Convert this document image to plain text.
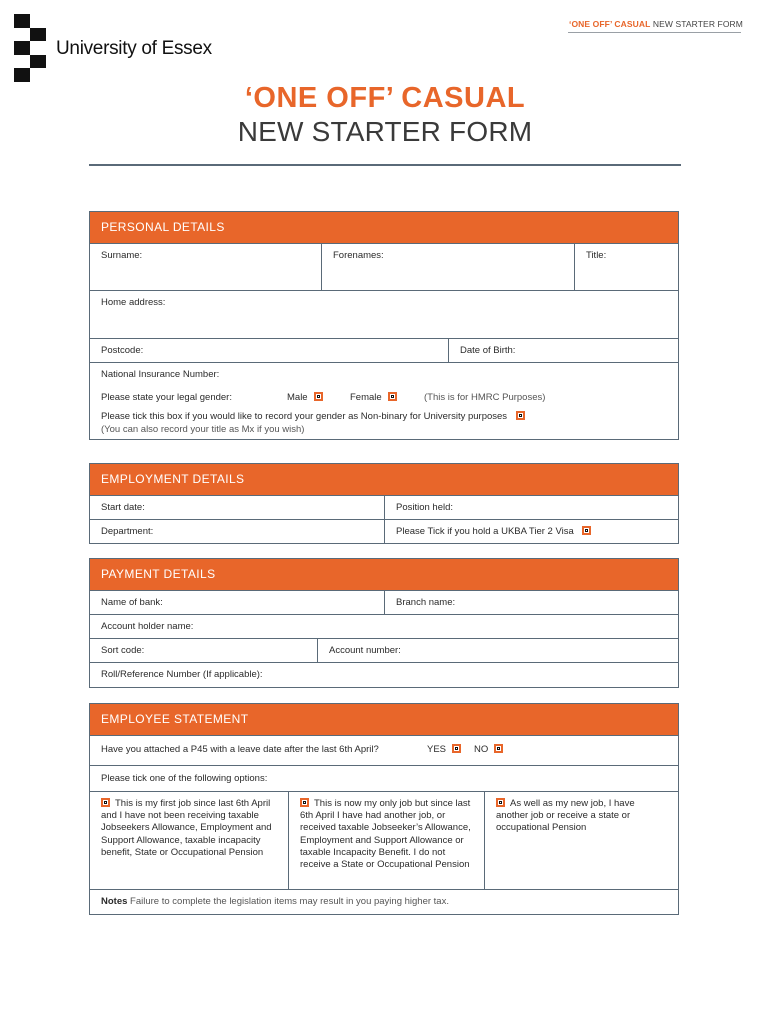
‘ONE OFF’ CASUAL NEW STARTER FORM
University of Essex
‘ONE OFF’ CASUAL
NEW STARTER FORM
PERSONAL DETAILS
Surname:	Forenames:	Title:
Home address:
Postcode:	Date of Birth:
National Insurance Number:
Please state your legal gender:	Male	Female	(This is for HMRC Purposes)
Please tick this box if you would like to record your gender as Non-binary for University purposes
(You can also record your title as Mx if you wish)
EMPLOYMENT DETAILS
Start date:	Position held:
Department:	Please Tick if you hold a UKBA Tier 2 Visa
PAYMENT DETAILS
Name of bank:	Branch name:
Account holder name:
Sort code:	Account number:
Roll/Reference Number (If applicable):
EMPLOYEE STATEMENT
Have you attached a P45 with a leave date after the last 6th April?	YES	NO
Please tick one of the following options:
This is my first job since last 6th April and I have not been receiving taxable Jobseekers Allowance, Employment and Support Allowance, taxable incapacity benefit, State or Occupational Pension
This is now my only job but since last 6th April I have had another job, or received taxable Jobseeker’s Allowance, Employment and Support Allowance or taxable Incapacity Benefit. I do not receive a State or Occupational Pension
As well as my new job, I have another job or receive a state or occupational Pension
Notes Failure to complete the legislation items may result in you paying higher tax.
